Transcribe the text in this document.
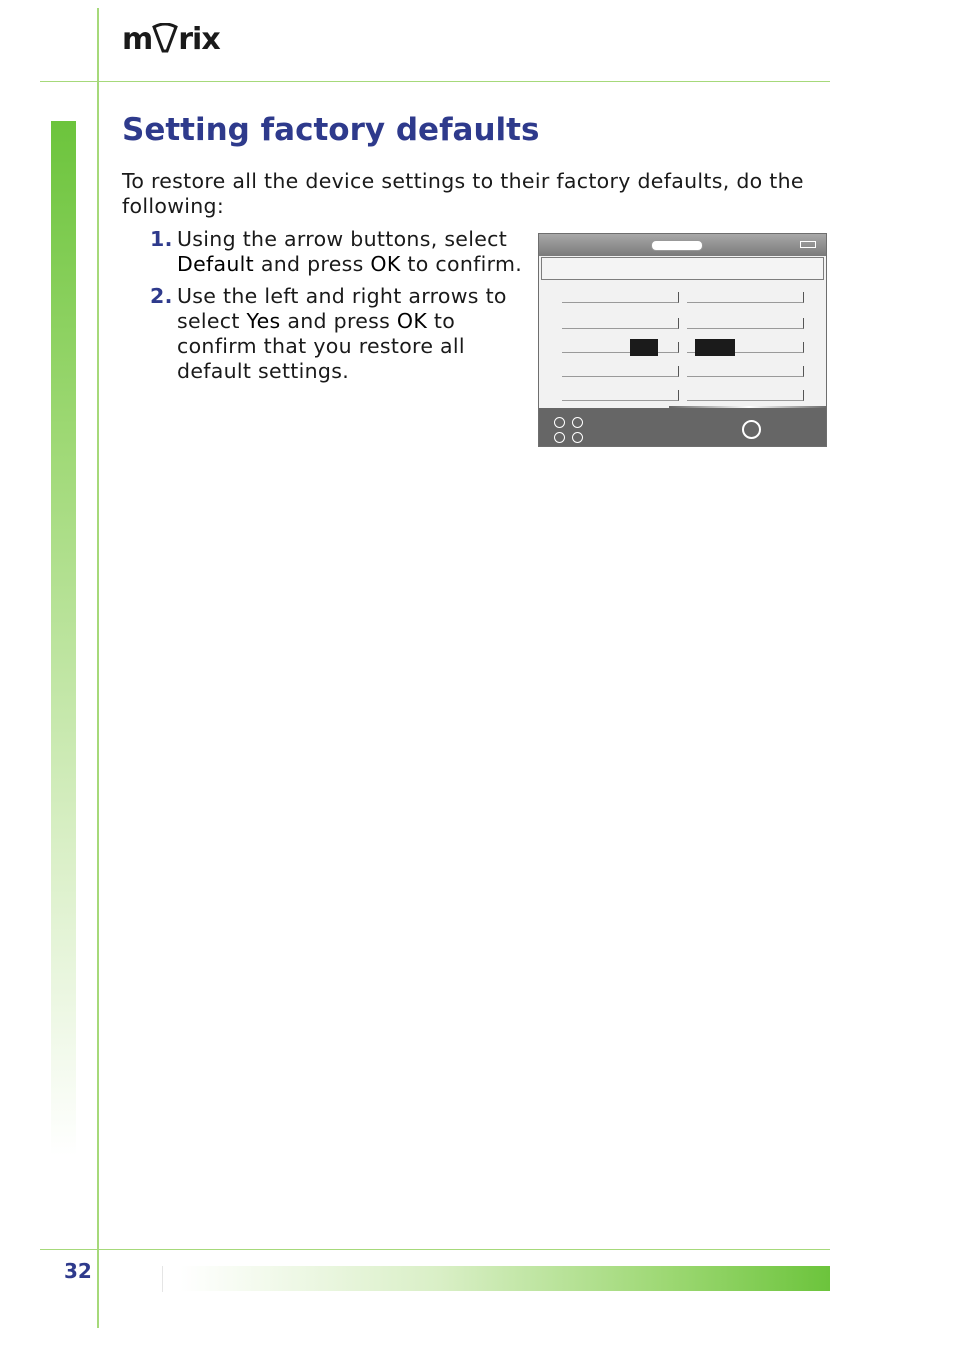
m rix
Setting factory defaults

To restore all the device settings to their factory defaults, do the following:

1. Using the arrow buttons, select Default and press OK to confirm.
2. Use the left and right arrows to select Yes and press OK to confirm that you restore all default settings.
32
